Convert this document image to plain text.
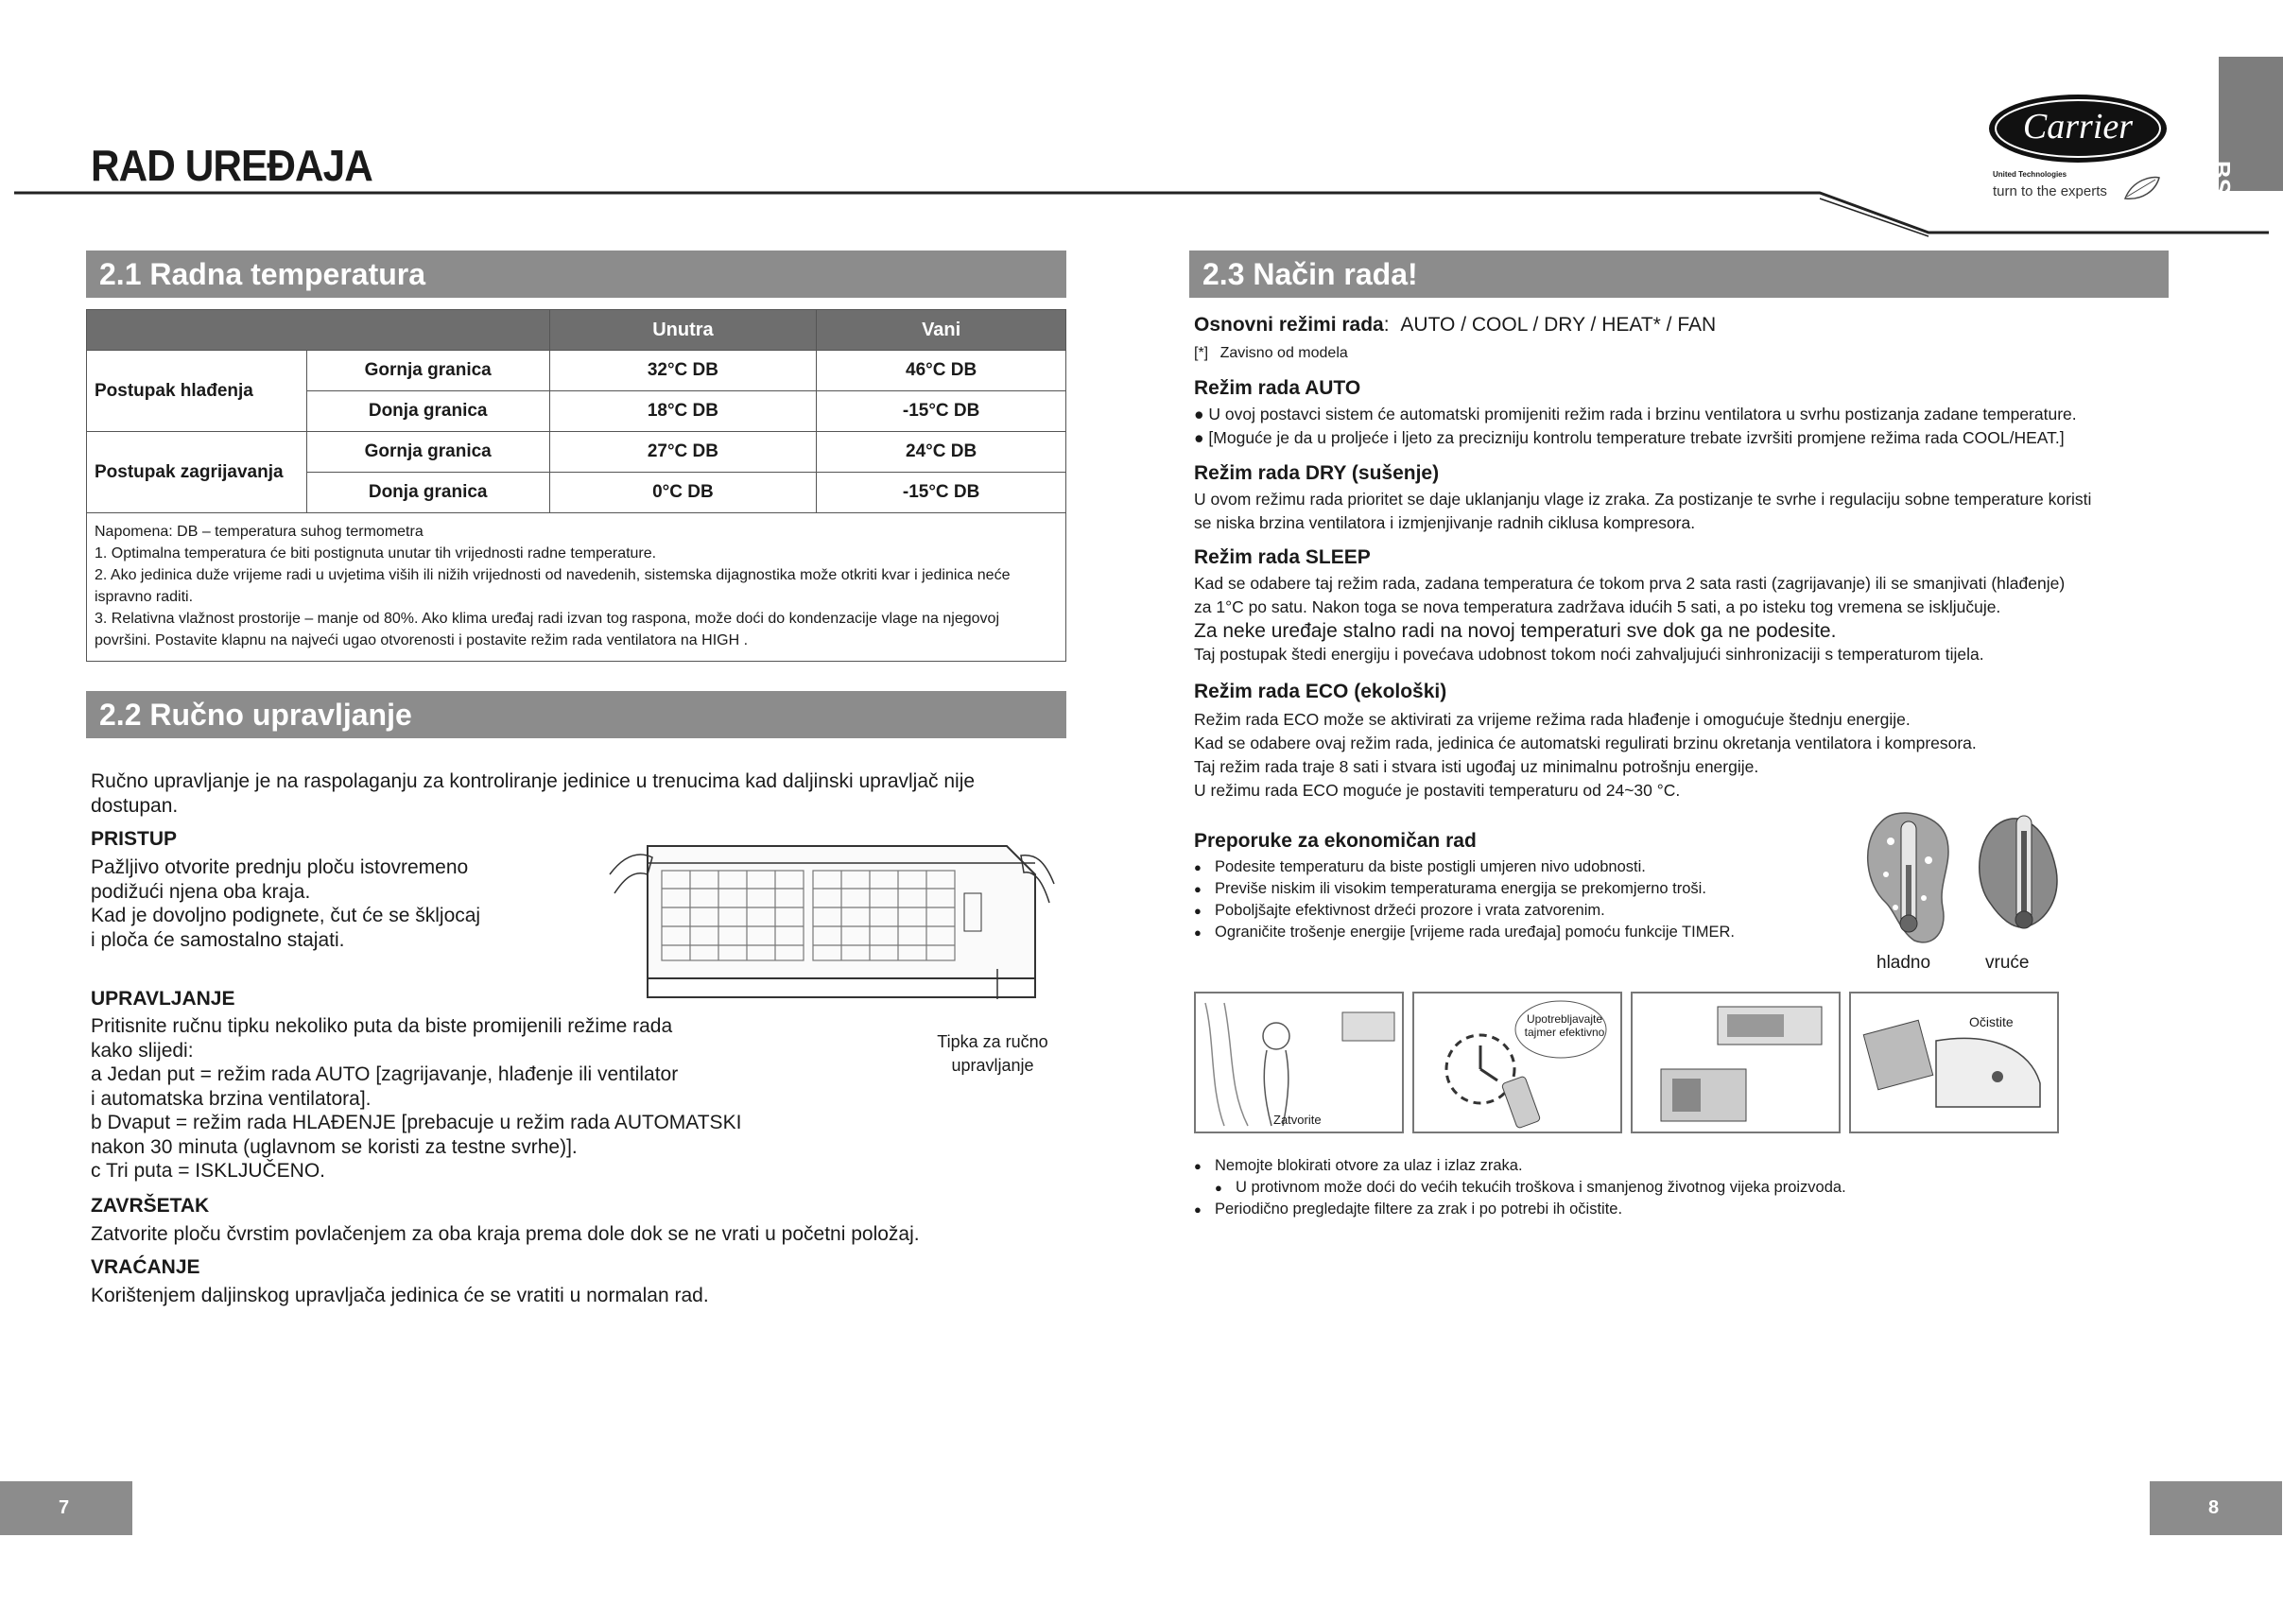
RAD UREĐAJA
Carrier
United Technologies
turn to the experts	BS
2.1 Radna temperatura
		Unutra	Vani
Postupak hlađenja	Gornja granica	32°C DB	46°C DB
	Donja granica	18°C DB	-15°C DB
Postupak zagrijavanja	Gornja granica	27°C DB	24°C DB
	Donja granica	0°C DB	-15°C DB

Napomena: DB – temperatura suhog termometra
1. Optimalna temperatura će biti postignuta unutar tih vrijednosti radne temperature.
2. Ako jedinica duže vrijeme radi u uvjetima viših ili nižih vrijednosti od navedenih, sistemska dijagnostika može otkriti kvar i jedinica neće ispravno raditi.
3. Relativna vlažnost prostorije – manje od 80%. Ako klima uređaj radi izvan tog raspona, može doći do kondenzacije vlage na njegovoj površini. Postavite klapnu na najveći ugao otvorenosti i postavite režim rada ventilatora na HIGH .			
2.2 Ručno upravljanje
Ručno upravljanje je na raspolaganju za kontroliranje jedinice u trenucima kad daljinski upravljač nije dostupan.
PRISTUP
Pažljivo otvorite prednju ploču istovremeno
podižući njena oba kraja.
Kad je dovoljno podignete, čut će se škljocaj
i ploča će samostalno stajati.
Tipka za ručno
upravljanje
UPRAVLJANJE
Pritisnite ručnu tipku nekoliko puta da biste promijenili režime rada
kako slijedi:
a Jedan put = režim rada AUTO [zagrijavanje, hlađenje ili ventilator
i automatska brzina ventilatora].
b Dvaput = režim rada HLAĐENJE [prebacuje u režim rada AUTOMATSKI
nakon 30 minuta (uglavnom se koristi za testne svrhe)].
c Tri puta = ISKLJUČENO.
ZAVRŠETAK
Zatvorite ploču čvrstim povlačenjem za oba kraja prema dole dok se ne vrati u početni položaj.
VRAĆANJE
Korištenjem daljinskog upravljača jedinica će se vratiti u normalan rad.
2.3 Način rada!
Osnovni režimi rada: AUTO / COOL / DRY / HEAT* / FAN
[*] Zavisno od modela
Režim rada AUTO
● U ovoj postavci sistem će automatski promijeniti režim rada i brzinu ventilatora u svrhu postizanja zadane temperature.
● [Moguće je da u proljeće i ljeto za precizniju kontrolu temperature trebate izvršiti promjene režima rada COOL/HEAT.]
Režim rada DRY (sušenje)
U ovom režimu rada prioritet se daje uklanjanju vlage iz zraka. Za postizanje te svrhe i regulaciju sobne temperature koristi
se niska brzina ventilatora i izmjenjivanje radnih ciklusa kompresora.
Režim rada SLEEP
Kad se odabere taj režim rada, zadana temperatura će tokom prva 2 sata rasti (zagrijavanje) ili se smanjivati (hlađenje)
za 1°C po satu. Nakon toga se nova temperatura zadržava idućih 5 sati, a po isteku tog vremena se isključuje.
Za neke uređaje stalno radi na novoj temperaturi sve dok ga ne podesite.
Taj postupak štedi energiju i povećava udobnost tokom noći zahvaljujući sinhronizaciji s temperaturom tijela.
Režim rada ECO (ekološki)
Režim rada ECO može se aktivirati za vrijeme režima rada hlađenje i omogućuje štednju energije.
Kad se odabere ovaj režim rada, jedinica će automatski regulirati brzinu okretanja ventilatora i kompresora.
Taj režim rada traje 8 sati i stvara isti ugođaj uz minimalnu potrošnju energije.
U režimu rada ECO moguće je postaviti temperaturu od 24~30 °C.
Preporuke za ekonomičan rad
● Podesite temperaturu da biste postigli umjeren nivo udobnosti.
● Previše niskim ili visokim temperaturama energija se prekomjerno troši.
● Poboljšajte efektivnost držeći prozore i vrata zatvorenim.
● Ograničite trošenje energije [vrijeme rada uređaja] pomoću funkcije TIMER.
hladno	vruće
Zatvorite
Upotrebljavajte tajmer efektivno
Očistite
● Nemojte blokirati otvore za ulaz i izlaz zraka.
● U protivnom može doći do većih tekućih troškova i smanjenog životnog vijeka proizvoda.
● Periodično pregledajte filtere za zrak i po potrebi ih očistite.
7	8
